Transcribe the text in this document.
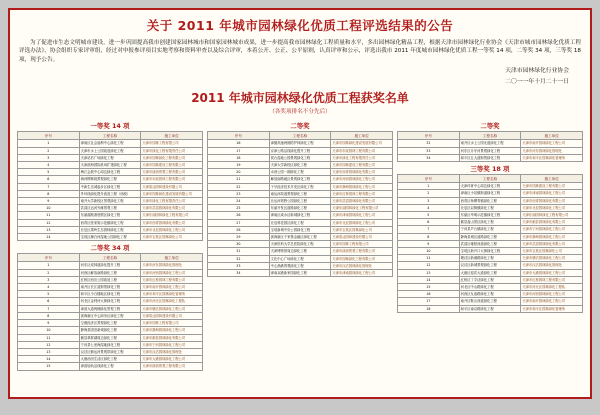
关于 2011 年城市园林绿化优质工程评选结果的公告
为了促进市生态文明城市建设，进一步巩固提高我市创建国家园林城市和国家园林城市成果，进一步提高我市园林绿化工程质量和水平，多出园林绿化精品工程，根据天津市园林绿化行业协会《天津市城市园林绿化优质工程评选办法》，协会组织专家评审组，经过对申报参评项目实地考察和资料审查以及综合评审，本着公开、公正、公平原则，认真评审和公示，评选出我市 2011 年度城市园林绿化优质工程一等奖 14 项，二等奖 34 项，三等奖 18 项，现予公告。
天津市园林绿化行业协会
二〇一一年十月二十一日
2011 年城市园林绿化优质工程获奖名单
（各奖项排名不分先后）
一等奖 14 项
序号	工程名称	施工单位
1	津南区社会福利中心绿化工程	天津市园林工程有限公司
2	天津市水上公园改造绿化工程	天津市绿化工程有限责任公司
3	天津站后广场绿化工程	天津市园林绿化工程有限公司
4	天津滨海国际机场扩建绿化工程	天津市园林建设工程有限公司
5	梅江会展中心周边绿化工程	天津市绿茵景观工程有限公司
6	海河柳林段景观绿化工程	天津市市政园林工程有限公司
7	中新生态城起步区绿化工程	天津泰达园林建设有限公司
8	外环线绿化提升改造工程（西段）	天津市园林绿化建设发展有限公司
9	南开大学新校区景观绿化工程	天津市绿化工程有限责任公司
10	武清区运河外滩景观工程	天津市武清园林绿化有限公司
11	东丽湖旅游度假区绿化工程	天津东丽园林绿化工程有限公司
12	西青区张家窝示范镇绿化工程	天津市西青园林绿化有限公司
13	北辰区果岭生态园林绿化工程	天津市北辰园林绿化工程公司
14	宝坻区潮白河湿地公园绿化工程	天津市宝坻区园林绿化公司
二等奖 34 项
序号	工程名称	施工单位
1	河东区成林道绿化提升工程	天津市河东园林绿化管理处
2	河西区解放南路绿化工程	天津市河西园林绿化工程公司
3	红桥区西沽公园改造工程	天津市红桥园林工程有限公司
4	南开区长江道街景绿化工程	天津市南开园林绿化工程公司
5	和平区小白楼地区绿化工程	天津市和平区园林绿化管理所
6	河北区金钟河大街绿化工程	天津市河北区园林绿化工程队
7	津滨大道两侧绿化景观工程	天津市塘沽园林绿化工程公司
8	滨海新区中心商务区绿化工程	天津泰达园林建设有限公司
9	空港经济区景观绿化工程	天津市园林工程有限公司
10	静海县团泊新城绿化工程	天津市静海园林绿化工程公司
11	蓟县翠屏湖周边绿化工程	天津市蓟县园林绿化有限公司
12	宁河县七里海湿地绿化工程	天津市宁河园林绿化工程公司
13	汉沽区蓟运河景观带绿化工程	天津市汉沽园林绿化管理处
14	大港油田生活区绿化工程	天津市大港园林绿化工程公司
15	津滨轻轨沿线绿化工程	天津市绿茵景观工程有限公司
二等奖
序号	工程名称	施工单位
16	津蓟高速两侧防护林绿化工程	天津市园林绿化建设发展有限公司
17	京津公路沿线绿化提升工程	天津市市政园林工程有限公司
18	侯台湿地公园景观绿化工程	天津市绿化工程有限责任公司
19	天津大学新校区绿化工程	天津市园林建设工程有限公司
20	水西公园一期绿化工程	天津市西青园林绿化有限公司
21	解放南路地区景观绿化工程	天津市河西园林绿化工程公司
22	子牙经济技术开发区绿化工程	天津市静海园林绿化工程公司
23	南运河故道景观绿化工程	天津市红桥园林工程有限公司
24	北运河郊野公园绿化工程	天津市武清园林绿化有限公司
25	东丽开发区道路绿化工程	天津东丽园林绿化工程有限公司
26	津南区咸水沽新城绿化工程	天津市津南园林绿化工程公司
27	北辰科技园区绿化工程	天津市北辰园林绿化工程公司
28	宝坻新城中央公园绿化工程	天津市宝坻区园林绿化公司
29	滨海新区于家堡金融区绿化工程	天津泰达园林建设有限公司
30	天津医科大学总医院绿化工程	天津市园林工程有限公司
31	天津博物馆周边绿化工程	天津市绿茵景观工程有限公司
32	文化中心广场绿化工程	天津市园林绿化工程有限公司
33	中心渔港景观绿化工程	天津市汉沽园林绿化管理处
34	津南双港新家园绿化工程	天津市津南园林绿化工程公司
二等奖
序号	工程名称	施工单位
32	南开区水上公园北道绿化工程	天津市南开园林绿化工程公司
33	河东区月牙河景观绿化工程	天津市河东园林绿化管理处
34	和平区五大道街景绿化工程	天津市和平区园林绿化管理所
三等奖 18 项
序号	工程名称	施工单位
1	天津体育中心周边绿化工程	天津市园林建设工程有限公司
2	津南区小站镇街道绿化工程	天津市津南园林绿化工程公司
3	西青区杨柳青镇绿化工程	天津市西青园林绿化有限公司
4	北辰区双街镇绿化工程	天津市北辰园林绿化工程公司
5	东丽区华明示范镇绿化工程	天津东丽园林绿化工程有限公司
6	蓟县盘山景区绿化工程	天津市蓟县园林绿化有限公司
7	宁河县芦台镇绿化工程	天津市宁河园林绿化工程公司
8	静海县城区道路绿化工程	天津市静海园林绿化工程公司
9	武清区雍阳西道绿化工程	天津市武清园林绿化有限公司
10	宝坻区新开口大街绿化工程	天津市宝坻区园林绿化公司
11	塘沽区新港路绿化工程	天津市塘沽园林绿化工程公司
12	汉沽区新城景观绿化工程	天津市汉沽园林绿化管理处
13	大港区迎宾大道绿化工程	天津市大港园林绿化工程公司
14	红桥区丁字沽绿化工程	天津市红桥园林工程有限公司
15	河北区中山路绿化工程	天津市河北区园林绿化工程队
16	河西区友谊路绿化工程	天津市河西园林绿化工程公司
17	南开区鞍山西道绿化工程	天津市南开园林绿化工程公司
18	和平区南京路绿化工程	天津市和平区园林绿化管理所
